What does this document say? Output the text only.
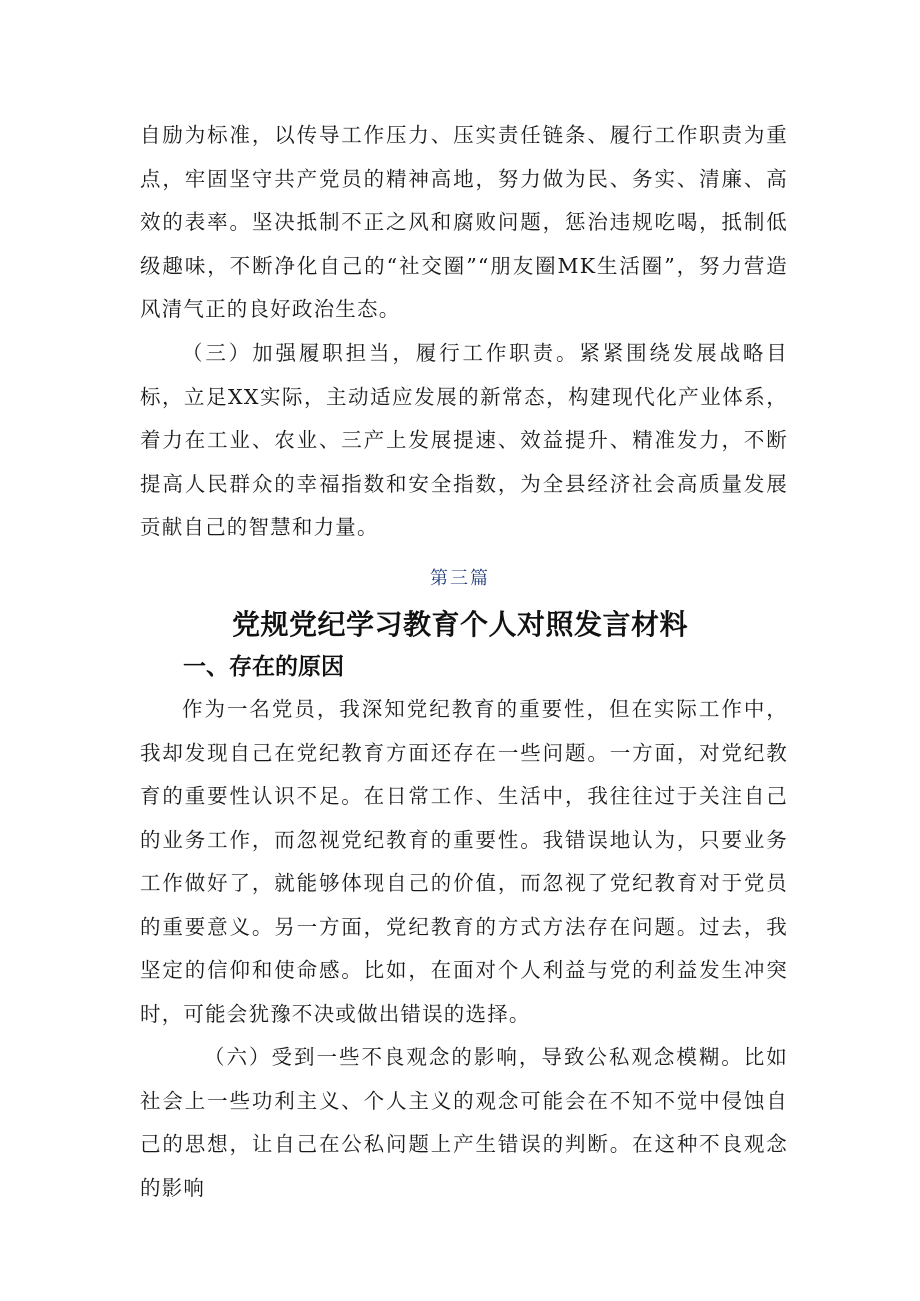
自励为标准，以传导工作压力、压实责任链条、履行工作职责为重点，牢固坚守共产党员的精神高地，努力做为民、务实、清廉、高效的表率。坚决抵制不正之风和腐败问题，惩治违规吃喝，抵制低级趣味，不断净化自己的“社交圈”“朋友圈MK生活圈”，努力营造风清气正的良好政治生态。

（三）加强履职担当，履行工作职责。紧紧围绕发展战略目标，立足XX实际，主动适应发展的新常态，构建现代化产业体系，着力在工业、农业、三产上发展提速、效益提升、精准发力，不断提高人民群众的幸福指数和安全指数，为全县经济社会高质量发展贡献自己的智慧和力量。

第三篇

党规党纪学习教育个人对照发言材料
一、存在的原因

作为一名党员，我深知党纪教育的重要性，但在实际工作中，我却发现自己在党纪教育方面还存在一些问题。一方面，对党纪教育的重要性认识不足。在日常工作、生活中，我往往过于关注自己的业务工作，而忽视党纪教育的重要性。我错误地认为，只要业务工作做好了，就能够体现自己的价值，而忽视了党纪教育对于党员的重要意义。另一方面，党纪教育的方式方法存在问题。过去，我坚定的信仰和使命感。比如，在面对个人利益与党的利益发生冲突时，可能会犹豫不决或做出错误的选择。

（六）受到一些不良观念的影响，导致公私观念模糊。比如社会上一些功利主义、个人主义的观念可能会在不知不觉中侵蚀自己的思想，让自己在公私问题上产生错误的判断。在这种不良观念的影响
